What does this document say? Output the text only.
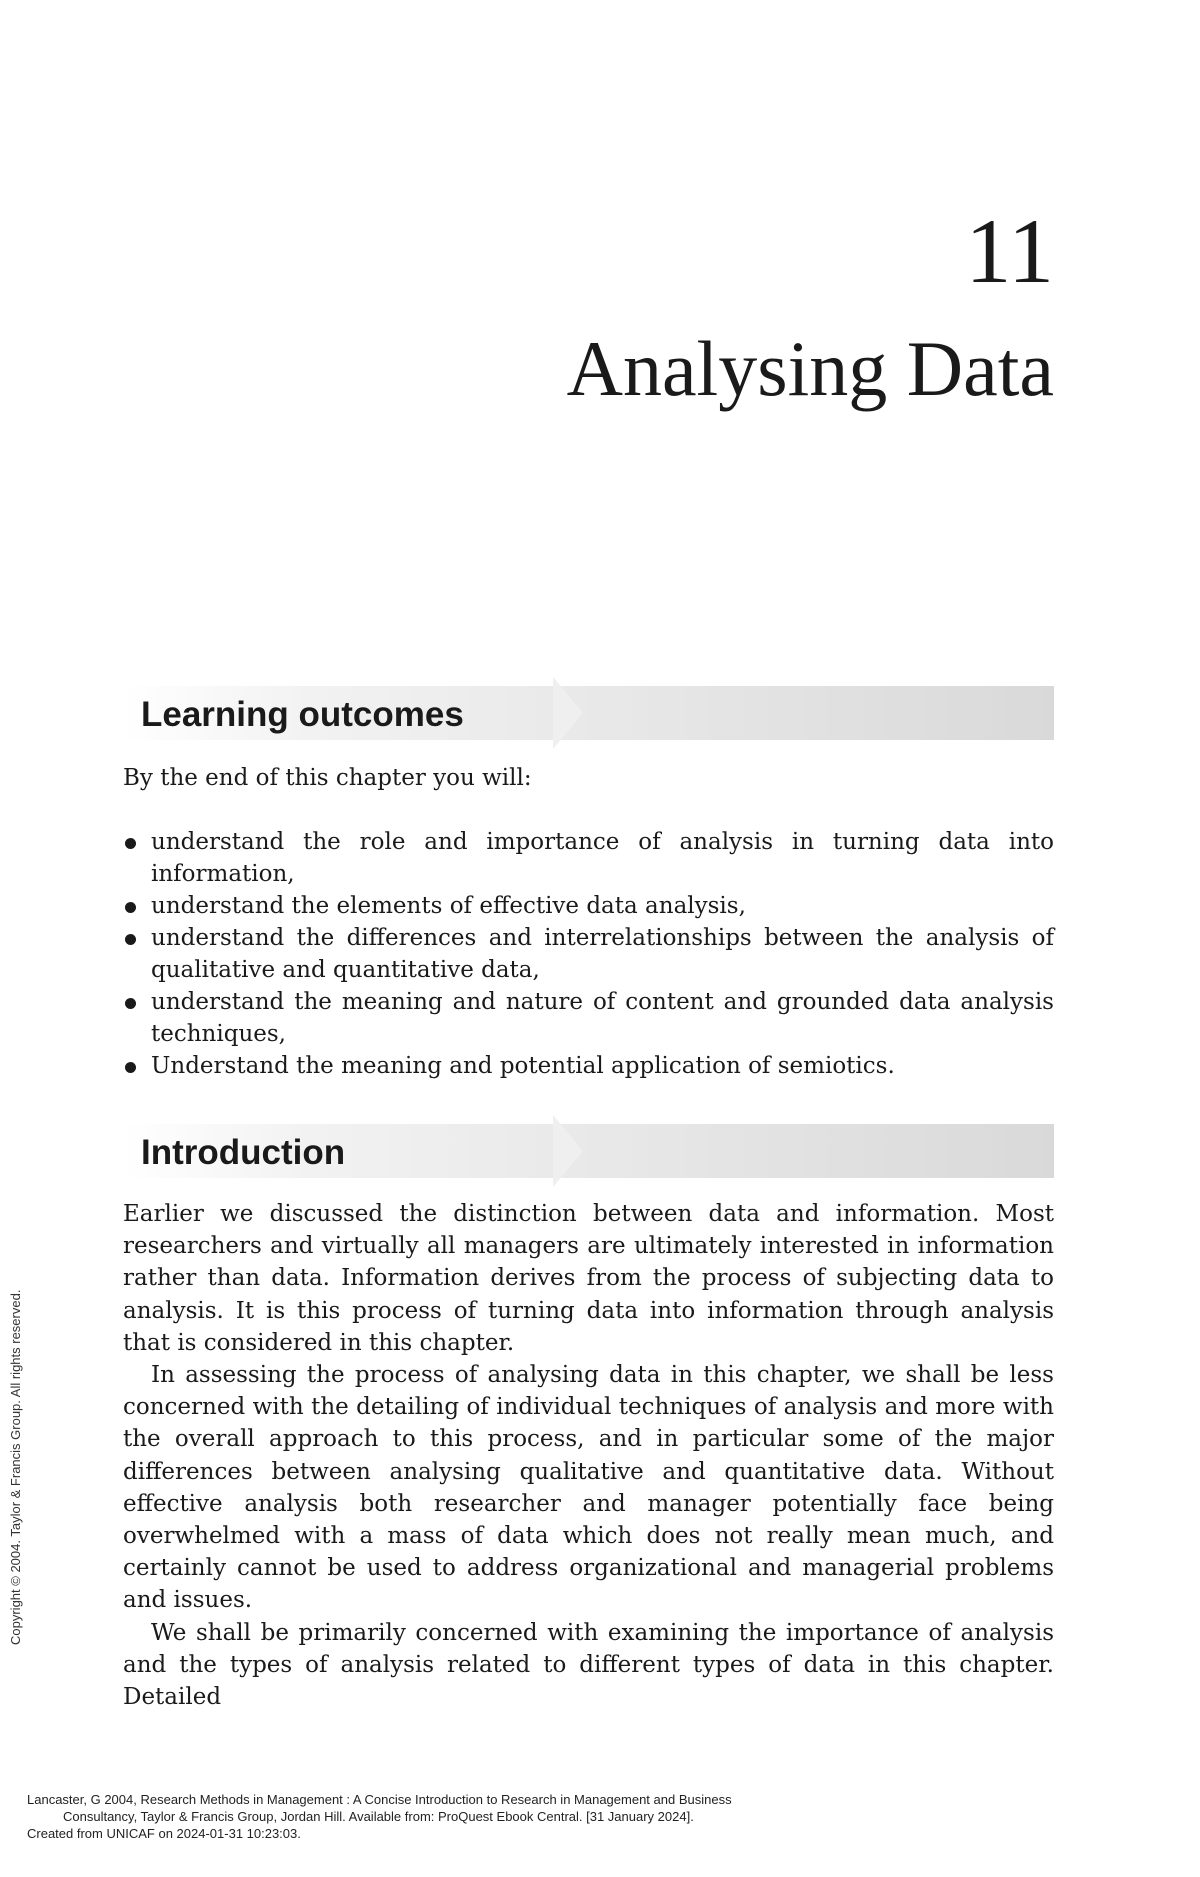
11
Analysing Data
Learning outcomes
By the end of this chapter you will:
understand the role and importance of analysis in turning data into information,
understand the elements of effective data analysis,
understand the differences and interrelationships between the analysis of qualitative and quantitative data,
understand the meaning and nature of content and grounded data analysis techniques,
Understand the meaning and potential application of semiotics.
Introduction

Earlier we discussed the distinction between data and information. Most researchers and virtually all managers are ultimately interested in information rather than data. Information derives from the process of subjecting data to analysis. It is this process of turning data into information through analysis that is considered in this chapter.

In assessing the process of analysing data in this chapter, we shall be less concerned with the detailing of individual techniques of analysis and more with the overall approach to this process, and in particular some of the major differences between analysing qualitative and quantitative data. Without effective analysis both researcher and manager potentially face being overwhelmed with a mass of data which does not really mean much, and certainly cannot be used to address organizational and managerial problems and issues.

We shall be primarily concerned with examining the importance of analysis and the types of analysis related to different types of data in this chapter. Detailed

Copyright © 2004. Taylor & Francis Group. All rights reserved.
Lancaster, G 2004, Research Methods in Management : A Concise Introduction to Research in Management and Business
Consultancy, Taylor & Francis Group, Jordan Hill. Available from: ProQuest Ebook Central. [31 January 2024].
Created from UNICAF on 2024-01-31 10:23:03.
